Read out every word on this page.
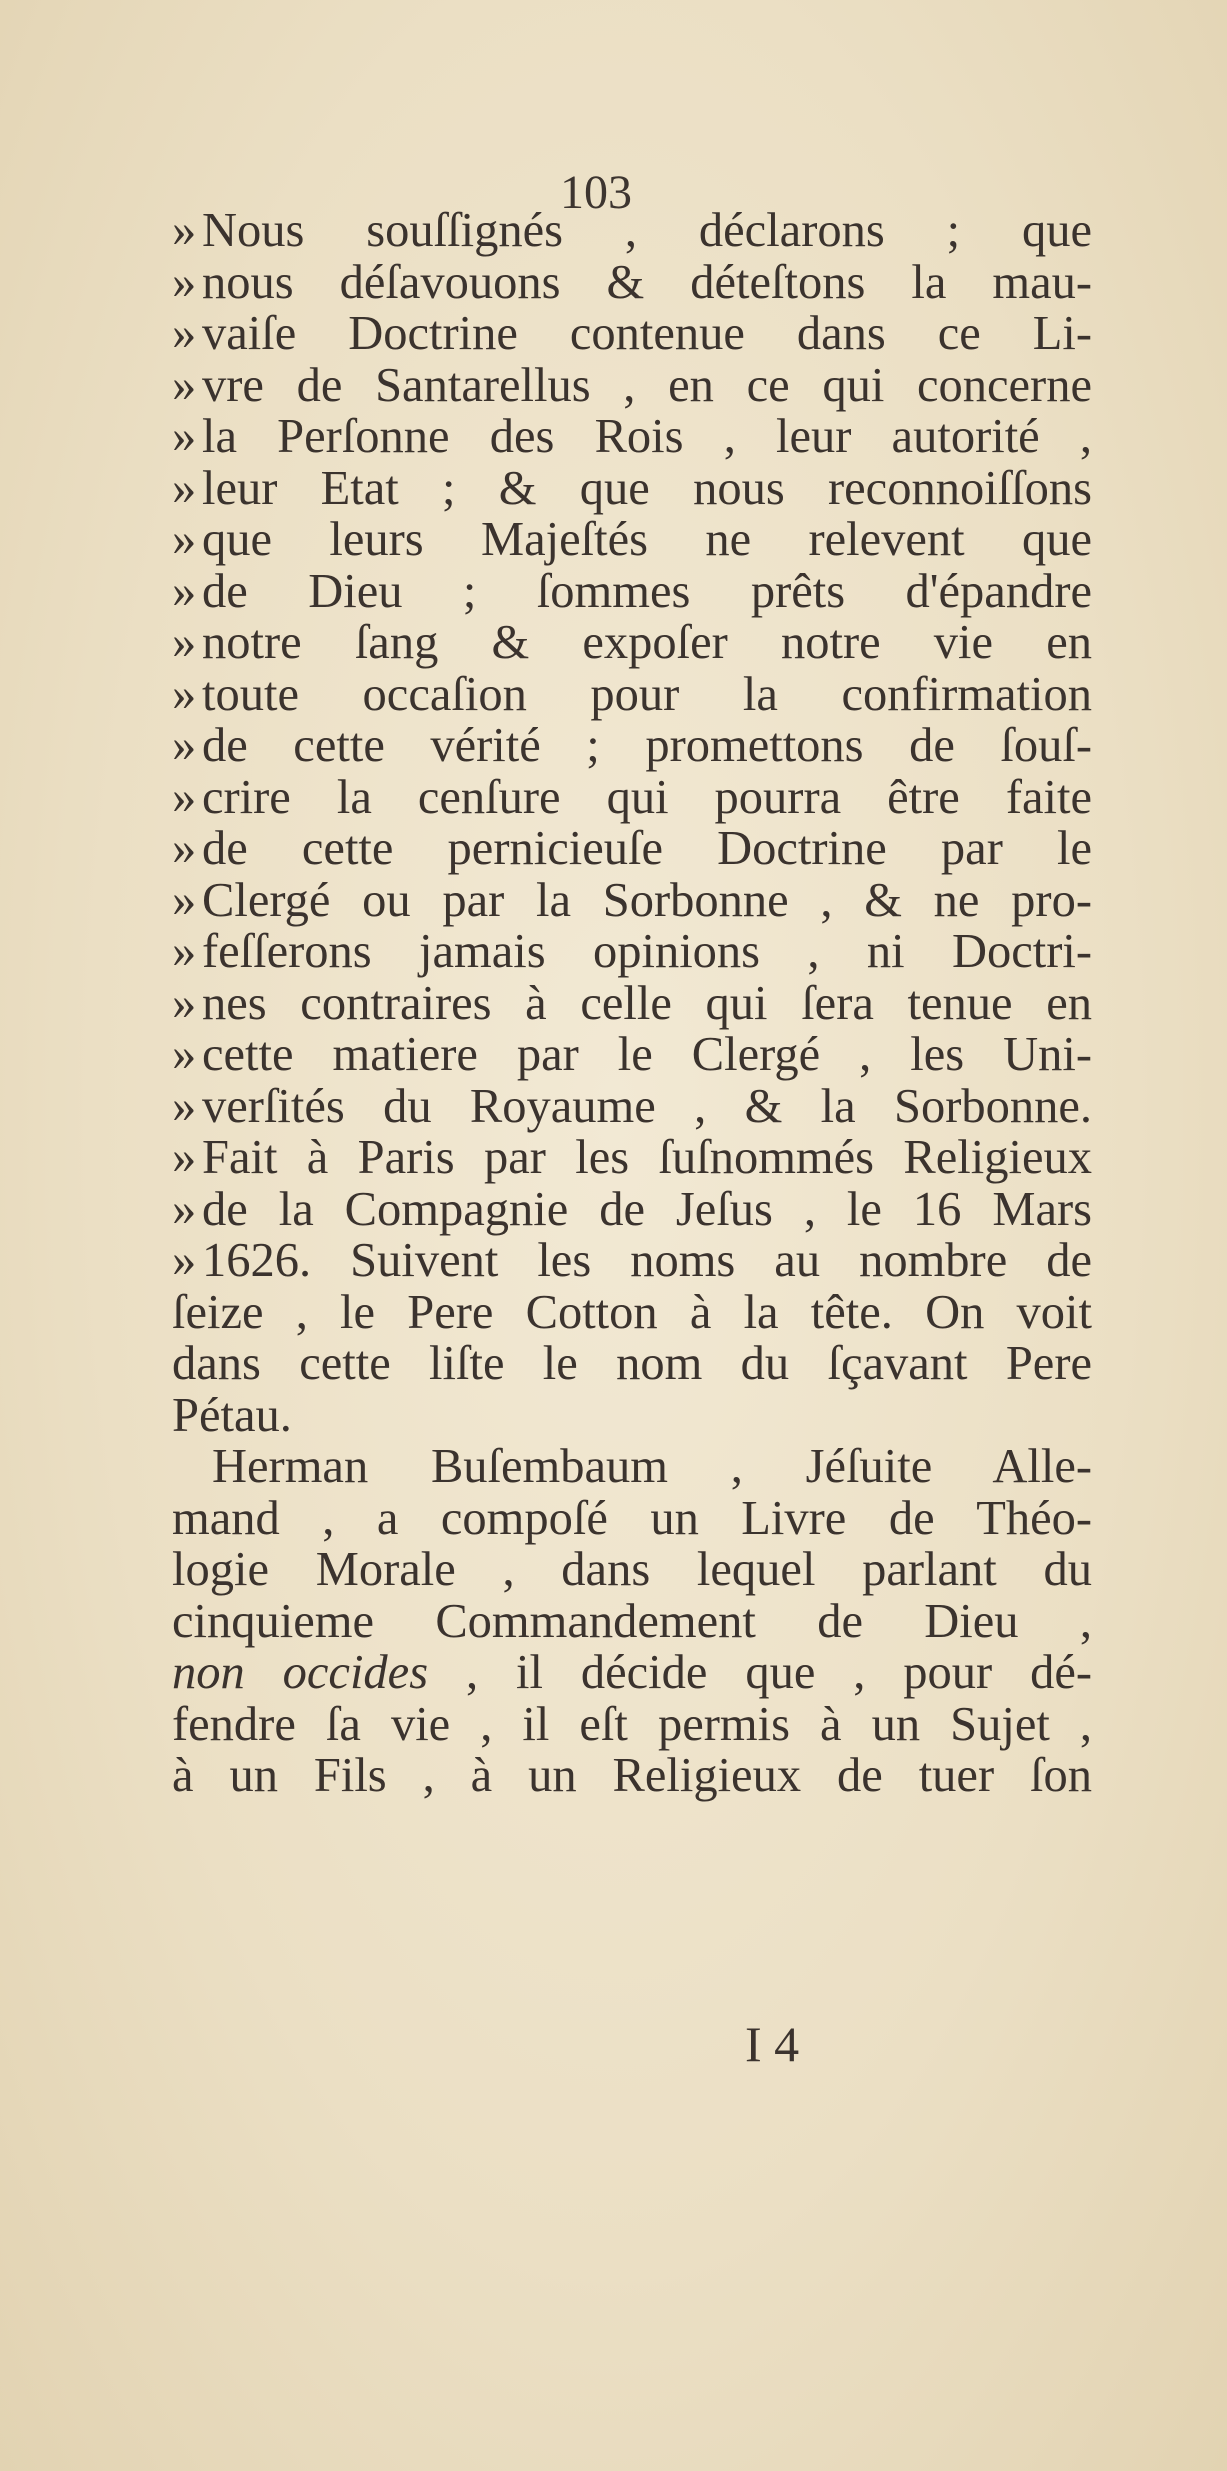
103
» Nous souſſignés , déclarons ; que
» nous déſavouons & déteſtons la mau-
» vaiſe Doctrine contenue dans ce Li-
» vre de Santarellus , en ce qui concerne
» la Perſonne des Rois , leur autorité ,
» leur Etat ; & que nous reconnoiſſons
» que leurs Majeſtés ne relevent que
» de Dieu ; ſommes prêts d'épandre
» notre ſang & expoſer notre vie en
» toute occaſion pour la confirmation
» de cette vérité ; promettons de ſouſ-
» crire la cenſure qui pourra être faite
» de cette pernicieuſe Doctrine par le
» Clergé ou par la Sorbonne , & ne pro-
» feſſerons jamais opinions , ni Doctri-
» nes contraires à celle qui ſera tenue en
» cette matiere par le Clergé , les Uni-
» verſités du Royaume , & la Sorbonne.
» Fait à Paris par les ſuſnommés Religieux
» de la Compagnie de Jeſus , le 16 Mars
» 1626. Suivent les noms au nombre de
ſeize , le Pere Cotton à la tête. On voit
dans cette liſte le nom du ſçavant Pere
Pétau.
Herman Buſembaum , Jéſuite Alle-
mand , a compoſé un Livre de Théo-
logie Morale , dans lequel parlant du
cinquieme Commandement de Dieu ,
non occides , il décide que , pour dé-
fendre ſa vie , il eſt permis à un Sujet ,
à un Fils , à un Religieux de tuer ſon
I 4
